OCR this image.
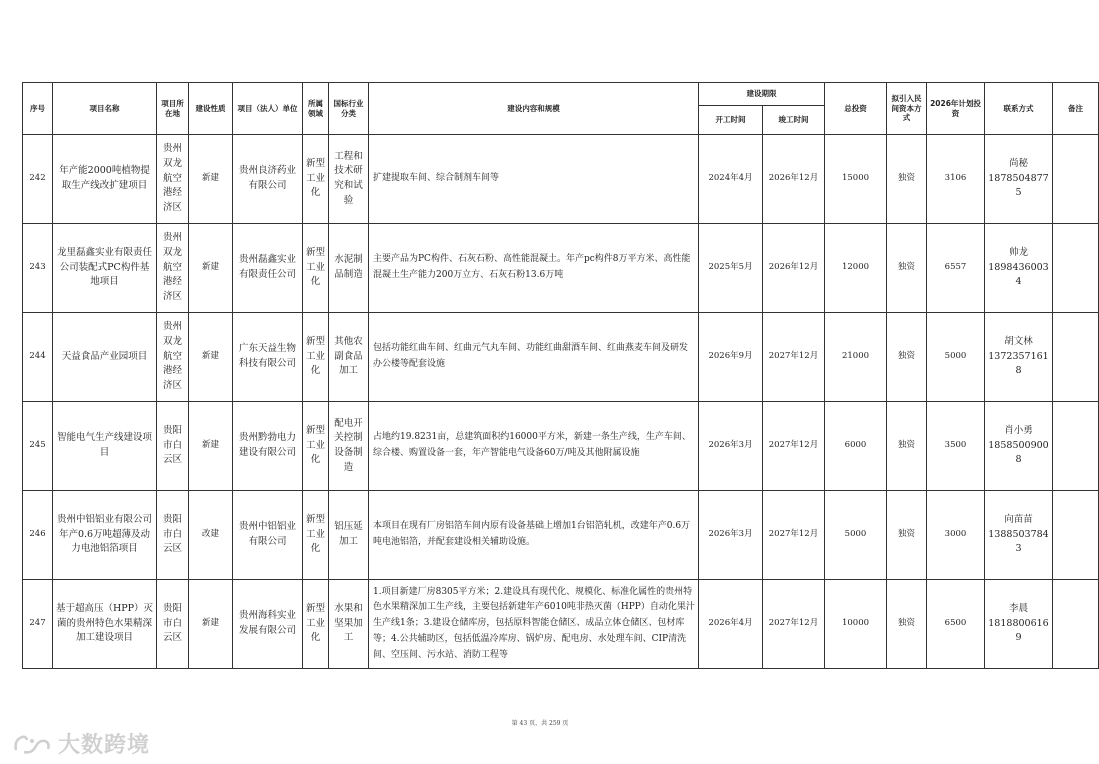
序号	项目名称	项目所在地	建设性质	项目（法人）单位	所属领域	国标行业分类	建设内容和规模	建设期限		总投资	拟引入民间资本方式	2026年计划投资	联系方式	备注
								开工时间	竣工时间					
242	年产能2000吨植物提取生产线改扩建项目	贵州双龙航空港经济区	新建	贵州良济药业有限公司	新型工业化	工程和技术研究和试验	扩建提取车间、综合制剂车间等	2024年4月	2026年12月	15000	独资	3106	尚秘
18785048775	

243	龙里磊鑫实业有限责任公司装配式PC构件基地项目	贵州双龙航空港经济区	新建	贵州磊鑫实业有限责任公司	新型工业化	水泥制品制造	主要产品为PC构件、石灰石粉、高性能混凝土。年产pc构件8万平方米、高性能混凝土生产能力200万立方、石灰石粉13.6万吨	2025年5月	2026年12月	12000	独资	6557	帅龙
18984360034	

244	天益食品产业园项目	贵州双龙航空港经济区	新建	广东天益生物科技有限公司	新型工业化	其他农副食品加工	包括功能红曲车间、红曲元气丸车间、功能红曲甜酒车间、红曲燕麦车间及研发办公楼等配套设施	2026年9月	2027年12月	21000	独资	5000	胡文林
13723571618	

245	智能电气生产线建设项目	贵阳市白云区	新建	贵州黔勃电力建设有限公司	新型工业化	配电开关控制设备制造	占地约19.8231亩，总建筑面积约16000平方米，新建一条生产线，生产车间、综合楼、购置设备一套，年产智能电气设备60万/吨及其他附属设施	2026年3月	2027年12月	6000	独资	3500	肖小勇
18585009008	

246	贵州中铝铝业有限公司年产0.6万吨超薄及动力电池铝箔项目	贵阳市白云区	改建	贵州中铝铝业有限公司	新型工业化	铝压延加工	本项目在现有厂房铝箔车间内原有设备基础上增加1台铝箔轧机，改建年产0.6万吨电池铝箔，并配套建设相关辅助设施。	2026年3月	2027年12月	5000	独资	3000	向苗苗
13885037843	

247	基于超高压（HPP）灭菌的贵州特色水果精深加工建设项目	贵阳市白云区	新建	贵州海科实业发展有限公司	新型工业化	水果和坚果加工	1.项目新建厂房8305平方米；2.建设具有现代化、规模化、标准化属性的贵州特色水果精深加工生产线，主要包括新建年产6010吨非热灭菌（HPP）自动化果汁生产线1条；3.建设仓储库房，包括原料智能仓储区、成品立体仓储区、包材库等；4.公共辅助区，包括低温冷库房、锅炉房、配电房、水处理车间、CIP清洗间、空压间、污水站、消防工程等	2026年4月	2027年12月	10000	独资	6500	李晨
18188006169	

第 43 页，共 259 页
大数跨境
